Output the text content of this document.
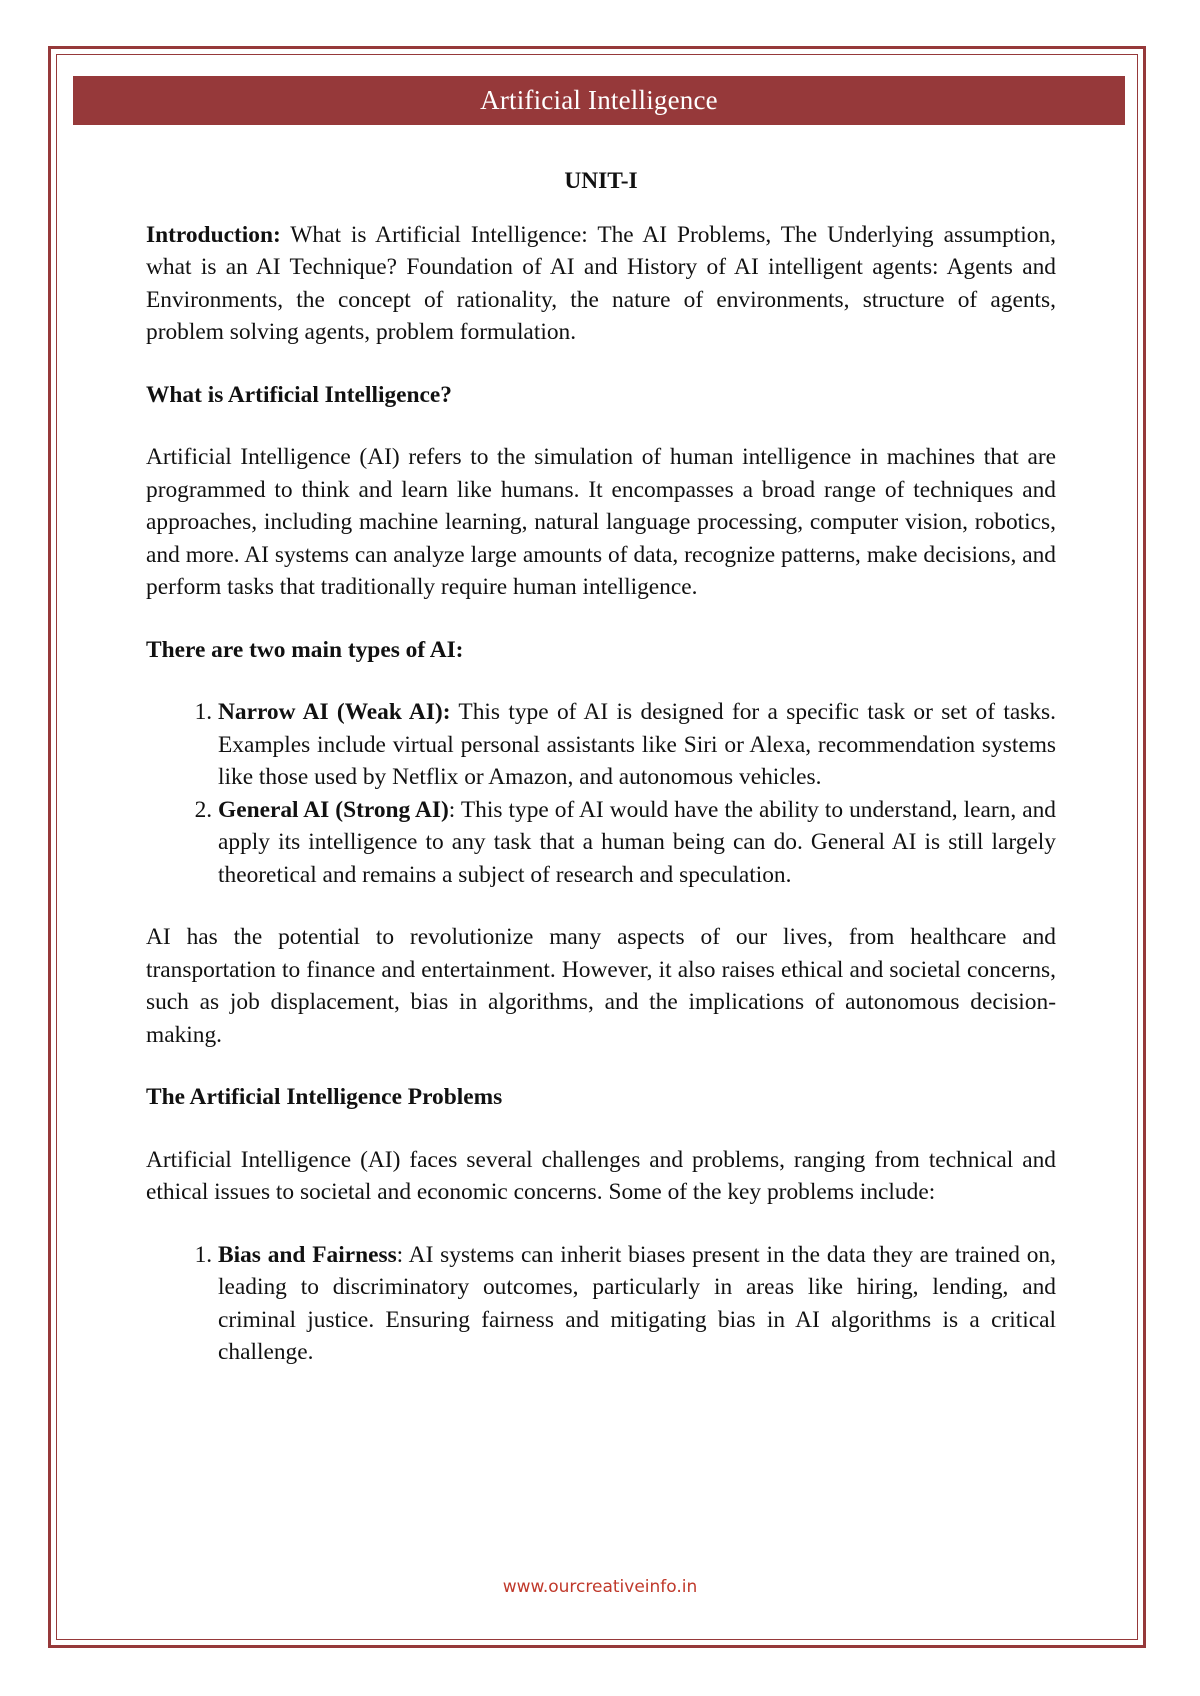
Artificial Intelligence
UNIT-I

Introduction: What is Artificial Intelligence: The AI Problems, The Underlying assumption, what is an AI Technique? Foundation of AI and History of AI intelligent agents: Agents and Environments, the concept of rationality, the nature of environments, structure of agents, problem solving agents, problem formulation.

What is Artificial Intelligence?

Artificial Intelligence (AI) refers to the simulation of human intelligence in machines that are programmed to think and learn like humans. It encompasses a broad range of techniques and approaches, including machine learning, natural language processing, computer vision, robotics, and more. AI systems can analyze large amounts of data, recognize patterns, make decisions, and perform tasks that traditionally require human intelligence.

There are two main types of AI:
1. Narrow AI (Weak AI): This type of AI is designed for a specific task or set of tasks. Examples include virtual personal assistants like Siri or Alexa, recommendation systems like those used by Netflix or Amazon, and autonomous vehicles.
2. General AI (Strong AI): This type of AI would have the ability to understand, learn, and apply its intelligence to any task that a human being can do. General AI is still largely theoretical and remains a subject of research and speculation.

AI has the potential to revolutionize many aspects of our lives, from healthcare and transportation to finance and entertainment. However, it also raises ethical and societal concerns, such as job displacement, bias in algorithms, and the implications of autonomous decision-making.

The Artificial Intelligence Problems

Artificial Intelligence (AI) faces several challenges and problems, ranging from technical and ethical issues to societal and economic concerns. Some of the key problems include:

1. Bias and Fairness: AI systems can inherit biases present in the data they are trained on, leading to discriminatory outcomes, particularly in areas like hiring, lending, and criminal justice. Ensuring fairness and mitigating bias in AI algorithms is a critical challenge.
www.ourcreativeinfo.in
